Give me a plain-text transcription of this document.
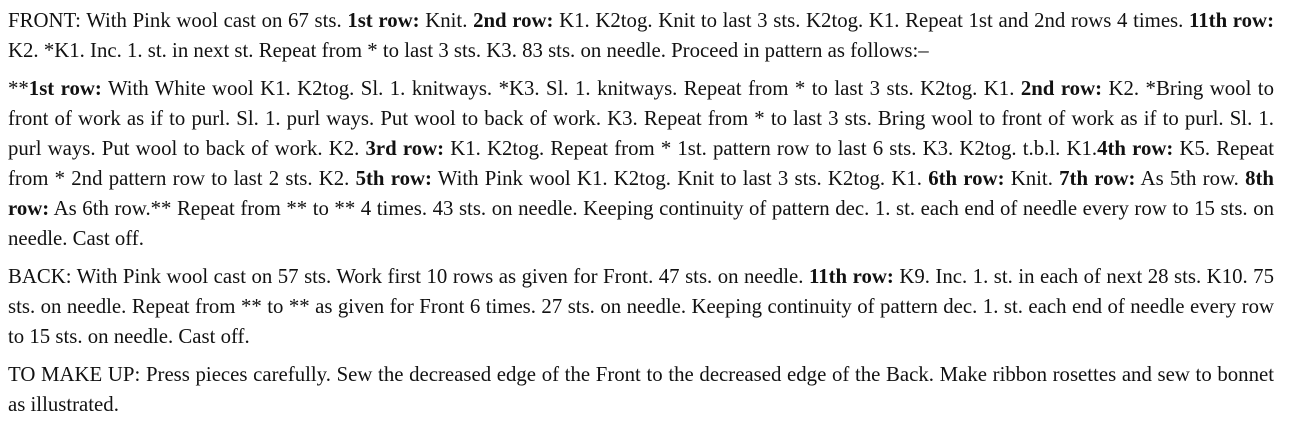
FRONT: With Pink wool cast on 67 sts. 1st row: Knit. 2nd row: K1. K2tog. Knit to last 3 sts. K2tog. K1. Repeat 1st and 2nd rows 4 times. 11th row: K2. *K1. Inc. 1. st. in next st. Repeat from * to last 3 sts. K3. 83 sts. on needle. Proceed in pattern as follows:–

**1st row: With White wool K1. K2tog. Sl. 1. knitways. *K3. Sl. 1. knitways. Repeat from * to last 3 sts. K2tog. K1. 2nd row: K2. *Bring wool to front of work as if to purl. Sl. 1. purl ways. Put wool to back of work. K3. Repeat from * to last 3 sts. Bring wool to front of work as if to purl. Sl. 1. purl ways. Put wool to back of work. K2. 3rd row: K1. K2tog. Repeat from * 1st. pattern row to last 6 sts. K3. K2tog. t.b.l. K1.4th row: K5. Repeat from * 2nd pattern row to last 2 sts. K2. 5th row: With Pink wool K1. K2tog. Knit to last 3 sts. K2tog. K1. 6th row: Knit. 7th row: As 5th row. 8th row: As 6th row.** Repeat from ** to ** 4 times. 43 sts. on needle. Keeping continuity of pattern dec. 1. st. each end of needle every row to 15 sts. on needle. Cast off.

BACK: With Pink wool cast on 57 sts. Work first 10 rows as given for Front. 47 sts. on needle. 11th row: K9. Inc. 1. st. in each of next 28 sts. K10. 75 sts. on needle. Repeat from ** to ** as given for Front 6 times. 27 sts. on needle. Keeping continuity of pattern dec. 1. st. each end of needle every row to 15 sts. on needle. Cast off.

TO MAKE UP: Press pieces carefully. Sew the decreased edge of the Front to the decreased edge of the Back. Make ribbon rosettes and sew to bonnet as illustrated.
